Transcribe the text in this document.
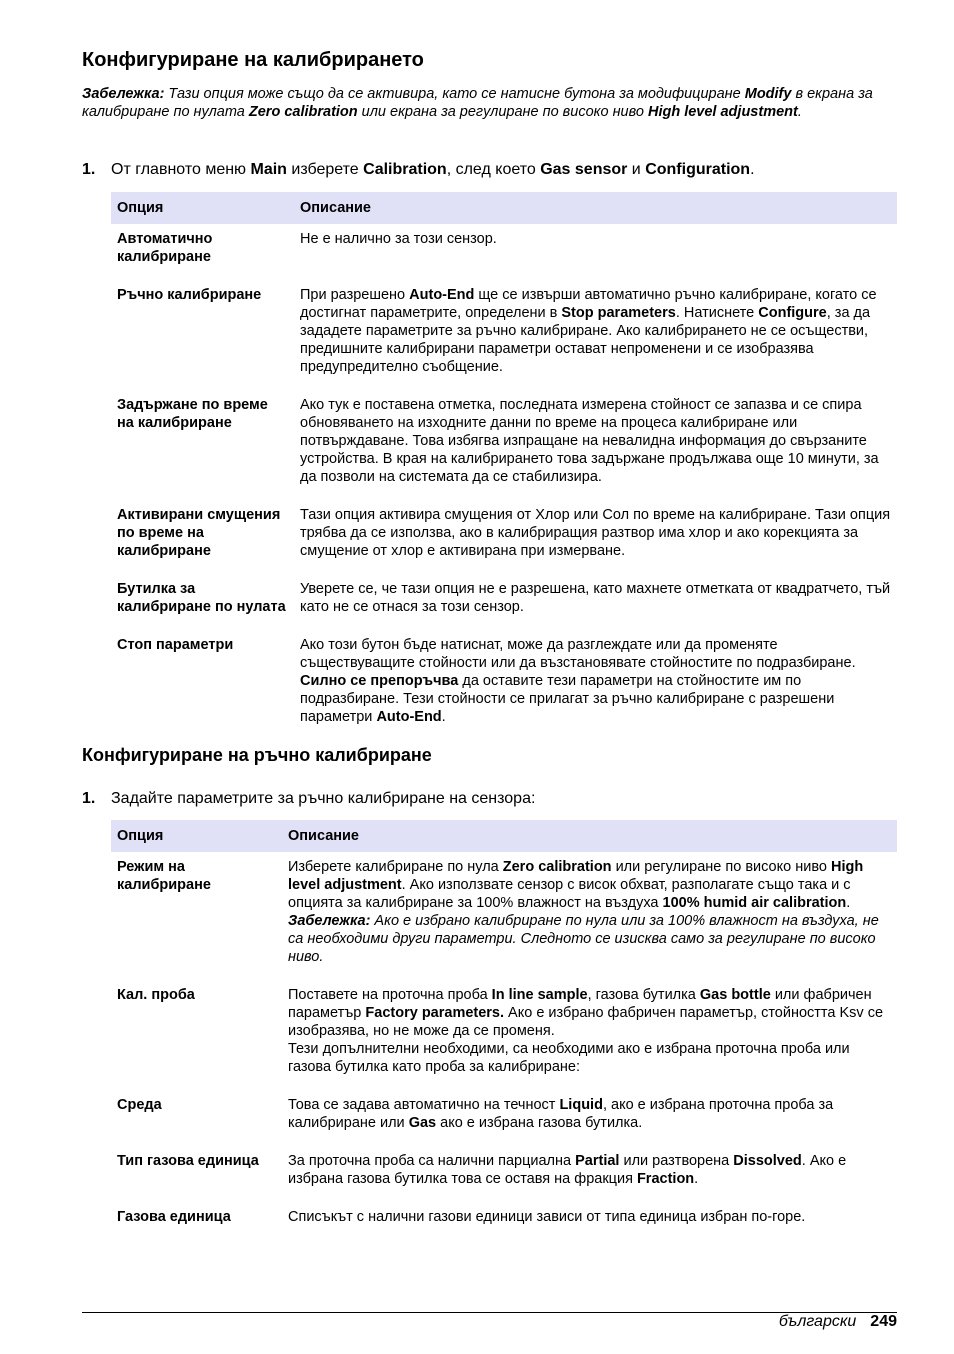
Конфигуриране на калибрирането

Забележка: Тази опция може също да се активира, като се натисне бутона за модифициране Modify в екрана за калибриране по нулата Zero calibration или екрана за регулиране по високо ниво High level adjustment.

1. От главното меню Main изберете Calibration, след което Gas sensor и Configuration.

Опция	Описание
Автоматично калибриране	Не е налично за този сензор.
Ръчно калибриране	При разрешено Auto-End ще се извърши автоматично ръчно калибриране, когато се достигнат параметрите, определени в Stop parameters. Натиснете Configure, за да зададете параметрите за ръчно калибриране. Ако калибрирането не се осъществи, предишните калибрирани параметри остават непроменени и се изобразява предупредително съобщение.
Задържане по време на калибриране	Ако тук е поставена отметка, последната измерена стойност се запазва и се спира обновяването на изходните данни по време на процеса калибриране или потвърждаване. Това избягва изпращане на невалидна информация до свързаните устройства. В края на калибрирането това задържане продължава още 10 минути, за да позволи на системата да се стабилизира.
Активирани смущения по време на калибриране	Тази опция активира смущения от Хлор или Сол по време на калибриране. Тази опция трябва да се използва, ако в калибриращия разтвор има хлор и ако корекцията за смущение от хлор е активирана при измерване.
Бутилка за калибриране по нулата	Уверете се, че тази опция не е разрешена, като махнете отметката от квадратчето, тъй като не се отнася за този сензор.
Стоп параметри	Ако този бутон бъде натиснат, може да разглеждате или да променяте съществуващите стойности или да възстановявате стойностите по подразбиране. Силно се препоръчва да оставите тези параметри на стойностите им по подразбиране. Тези стойности се прилагат за ръчно калибриране с разрешени параметри Auto-End.
Конфигуриране на ръчно калибриране

1. Задайте параметрите за ръчно калибриране на сензора:

Опция	Описание
Режим на калибриране	Изберете калибриране по нула Zero calibration или регулиране по високо ниво High level adjustment. Ако използвате сензор с висок обхват, разполагате също така и с опцията за калибриране за 100% влажност на въздуха 100% humid air calibration.
Забележка: Ако е избрано калибриране по нула или за 100% влажност на въздуха, не са необходими други параметри. Следното се изисква само за регулиране по високо ниво.
Кал. проба	Поставете на проточна проба In line sample, газова бутилка Gas bottle или фабричен параметър Factory parameters. Ако е избрано фабричен параметър, стойността Ksv се изобразява, но не може да се променя.
Тези допълнителни необходими, са необходими ако е избрана проточна проба или газова бутилка като проба за калибриране:
Среда	Това се задава автоматично на течност Liquid, ако е избрана проточна проба за калибриране или Gas ако е избрана газова бутилка.
Тип газова единица	За проточна проба са налични парциална Partial или разтворена Dissolved. Ако е избрана газова бутилка това се оставя на фракция Fraction.
Газова единица	Списъкът с налични газови единици зависи от типа единица избран по-горе.
български 249
